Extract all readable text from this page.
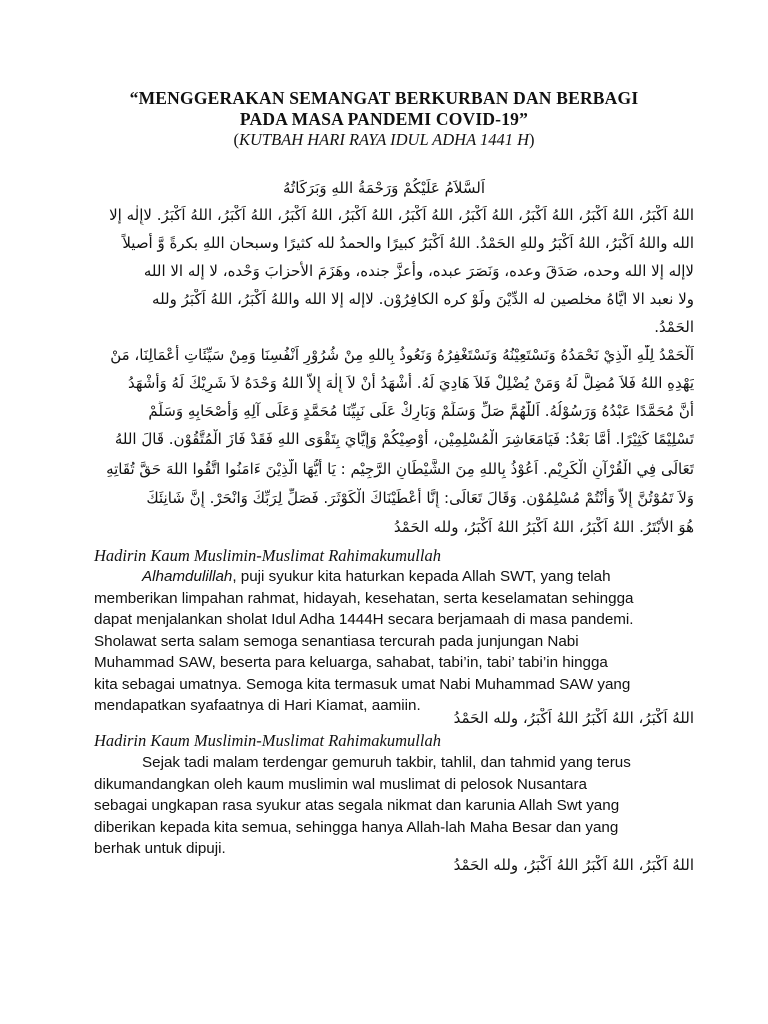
“MENGGERAKAN SEMANGAT BERKURBAN DAN BERBAGI
PADA MASA PANDEMI COVID-19”
(KUTBAH HARI RAYA IDUL ADHA 1441 H)
اَلسَّلاَمُ عَلَيْكُمْ وَرَحْمَةُ اللهِ وَبَرَكَاتُهُ
اللهُ اَكْبَرُ، اللهُ اَكْبَرُ، اللهُ اَكْبَرُ، اللهُ اَكْبَرُ، اللهُ اَكْبَرُ، اللهُ اَكْبَرُ، اللهُ اَكْبَرُ، اللهُ اَكْبَرُ، اللهُ اَكْبَرُ. لاإِلٰه إلا
الله واللهُ اَكْبَرُ، اللهُ اَكْبَرُ وللهِ الحَمْدُ. اللهُ اَكْبَرُ كبيرًا والحمدُ لله كثيرًا وسبحان اللهِ بكرةً وَّ أصيلاً
لاإله إلا الله وحده، صَدَقَ وعده، وَنَصَرَ عبده، وأعزَّ جنده، وهَزَمَ الأحزابَ وَحْده، لا إله الا الله
ولا نعبد الا ايَّاهُ مخلصين له الدِّيْنَ ولَوْ كره الكافِرُوْن. لاإله إلا الله واللهُ اَكْبَرُ، اللهُ اَكْبَرُ ولله
الحَمْدُ.
اَلْحَمْدُ لِلّٰهِ الَّذِيْ نَحْمَدُهُ وَنَسْتَعِيْنُهُ وَنَسْتَغْفِرُهُ وَنَعُوذُ بِاللهِ مِنْ شُرُوْرِ اَنْفُسِنَا وَمِنْ سَيِّئَاتِ أَعْمَالِنَا، مَنْ
يَهْدِهِ اللهُ فَلاَ مُضِلَّ لَهُ وَمَنْ يُضْلِلْ فَلاَ هَادِيَ لَهُ. أَشْهَدُ أَنْ لاَ إِلٰهَ إِلاَّ اللهُ وَحْدَهُ لاَ شَرِيْكَ لَهُ وَأَشْهَدُ
أَنَّ مُحَمَّدًا عَبْدُهُ وَرَسُوْلُهُ. اَللّٰهُمَّ صَلِّ وَسَلِّمْ وَبَارِكْ عَلَى نَبِيِّنَا مُحَمَّدٍ وَعَلَى آلِهِ وَأَصْحَابِهِ وَسَلِّمْ
تَسْلِيْمًا كَثِيْرًا. أَمَّا بَعْدُ: فَيَامَعَاشِرَ الْمُسْلِمِيْن، أُوْصِيْكُمْ وَإِيَّايَ بِتَقْوَى اللهِ فَقَدْ فَازَ الْمُتَّقُوْن. قَالَ اللهُ
تَعَالَى فِي الْقُرْآنِ الْكَرِيْمِ. اَعُوْذُ بِاللهِ مِنَ الشَّيْطَانِ الرَّجِيْمِ : يَا أَيُّهَا الَّذِيْنَ ءَامَنُوا اتَّقُوا اللهَ حَقَّ تُقَاتِهِ
وَلاَ تَمُوْتُنَّ إِلاَّ وَأَنْتُمْ مُسْلِمُوْن. وَقَالَ تَعَالَى: إِنَّا أَعْطَيْنَاكَ الْكَوْثَرَ. فَصَلِّ لِرَبِّكَ وَانْحَرْ. إِنَّ شَانِئَكَ
هُوَ الأَبْتَرُ. اللهُ اَكْبَرُ، اللهُ اَكْبَرُ اللهُ اَكْبَرُ، ولله الحَمْدُ
Hadirin Kaum Muslimin-Muslimat Rahimakumullah
Alhamdulillah, puji syukur kita haturkan kepada Allah SWT, yang telah
memberikan limpahan rahmat, hidayah, kesehatan, serta keselamatan sehingga
dapat menjalankan sholat Idul Adha 1444H secara berjamaah di masa pandemi.
Sholawat serta salam semoga senantiasa tercurah pada junjungan Nabi
Muhammad SAW, beserta para keluarga, sahabat, tabi’in, tabi’ tabi’in hingga
kita sebagai umatnya. Semoga kita termasuk umat Nabi Muhammad SAW yang
mendapatkan syafaatnya di Hari Kiamat, aamiin.
اللهُ اَكْبَرُ، اللهُ اَكْبَرُ اللهُ اَكْبَرُ، ولله الحَمْدُ
Hadirin Kaum Muslimin-Muslimat Rahimakumullah
Sejak tadi malam terdengar gemuruh takbir, tahlil, dan tahmid yang terus
dikumandangkan oleh kaum muslimin wal muslimat di pelosok Nusantara
sebagai ungkapan rasa syukur atas segala nikmat dan karunia Allah Swt yang
diberikan kepada kita semua, sehingga hanya Allah-lah Maha Besar dan yang
berhak untuk dipuji.
اللهُ اَكْبَرُ، اللهُ اَكْبَرُ اللهُ اَكْبَرُ، ولله الحَمْدُ
